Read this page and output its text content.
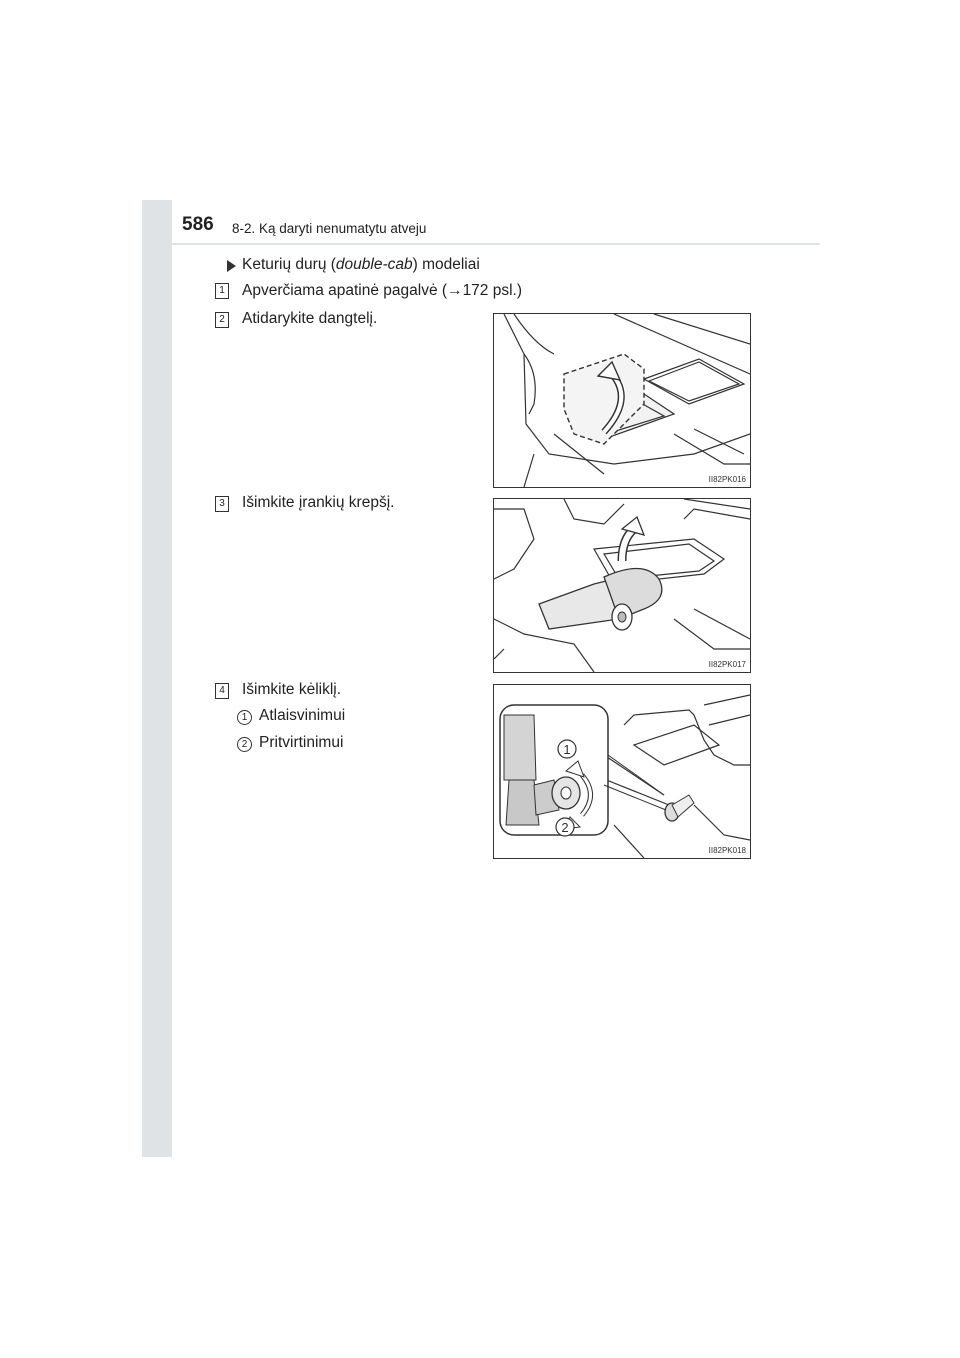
586 8-2. Ką daryti nenumatytu atveju
Keturių durų (double-cab) modeliai
1 Apverčiama apatinė pagalvė (→172 psl.)
2 Atidarykite dangtelį.
3 Išimkite įrankių krepšį.
4 Išimkite kėliklį.
1 Atlaisvinimui
2 Pritvirtinimui
II82PK016
II82PK017
1
2
II82PK018
